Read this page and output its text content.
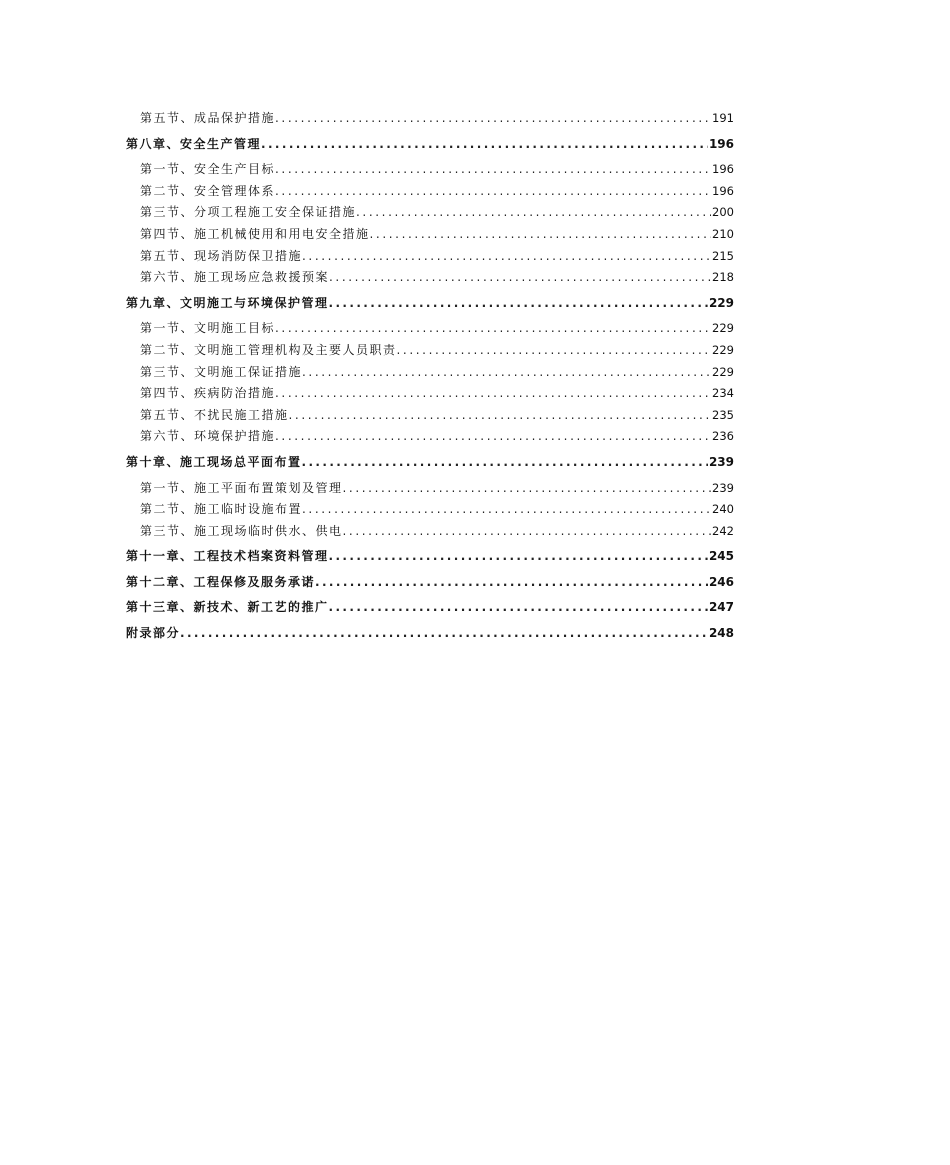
第五节、成品保护措施 .....	191
第八章、安全生产管理 .....	196
第一节、安全生产目标 .....	196
第二节、安全管理体系 .....	196
第三节、分项工程施工安全保证措施 .....	200
第四节、施工机械使用和用电安全措施 .....	210
第五节、现场消防保卫措施 .....	215
第六节、施工现场应急救援预案 .....	218
第九章、文明施工与环境保护管理 .....	229
第一节、文明施工目标 .....	229
第二节、文明施工管理机构及主要人员职责 .....	229
第三节、文明施工保证措施 .....	229
第四节、疾病防治措施 .....	234
第五节、不扰民施工措施 .....	235
第六节、环境保护措施 .....	236
第十章、施工现场总平面布置 .....	239
第一节、施工平面布置策划及管理 .....	239
第二节、施工临时设施布置 .....	240
第三节、施工现场临时供水、供电 .....	242
第十一章、工程技术档案资料管理 .....	245
第十二章、工程保修及服务承诺 .....	246
第十三章、新技术、新工艺的推广 .....	247
附录部分 .....	248
